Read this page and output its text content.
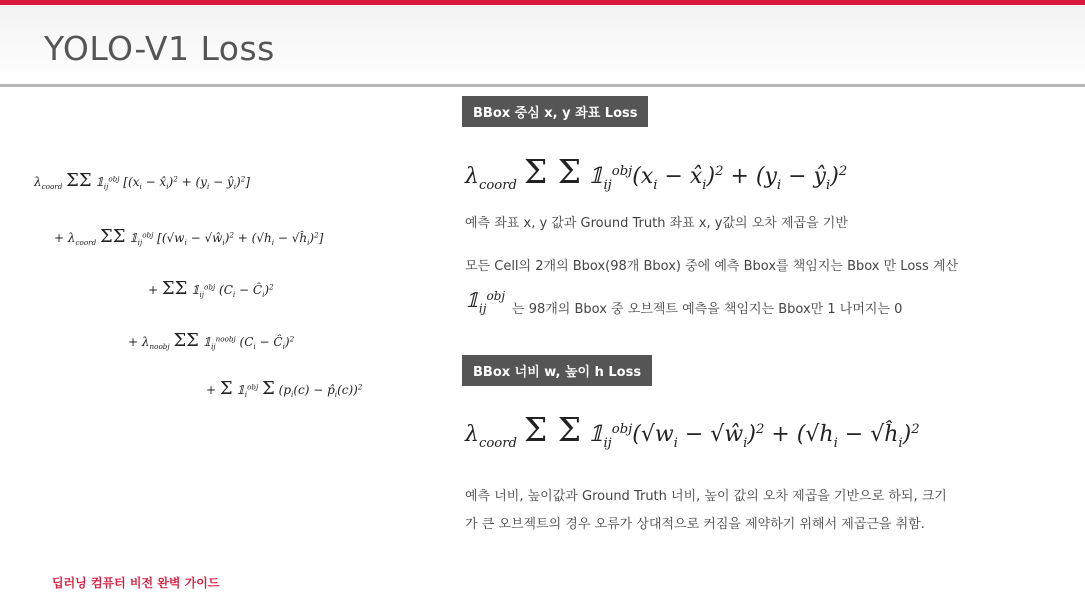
YOLO-V1 Loss
$\lambda_{coord}$ ΣΣ $𝟙_{ij}^{obj}$ [($x_i$ − $x̂_i)^2 + (y_i$ − $ŷ_i)^2$]
+ $\lambda_{coord}$ ΣΣ $𝟙_{ij}^{obj}$ [($√w_i$ − $√ŵ_i)^2 + (√h_i$ − $√ĥ_i)^2$]
+ ΣΣ $𝟙_{ij}^{obj}$ ($C_i$ − $Ĉ_i)^2$
+ $\lambda_{noobj}$ ΣΣ $𝟙_{ij}^{noobj}$ ($C_i$ − $Ĉ_i)^2$
+ Σ $𝟙_i^{obj}$ Σ ($p_i(c)$ − $p̂_i(c))^2$
BBox 중심 x, y 좌표 Loss
$\lambda_{coord}$ Σ Σ $𝟙_{ij}^{obj}(x_i$ − $x̂_i)^2 + (y_i$ − $ŷ_i)^2$
예측 좌표 x, y 값과 Ground Truth 좌표 x, y값의 오차 제곱을 기반
모든 Cell의 2개의 Bbox(98개 Bbox) 중에 예측 Bbox를 책임지는 Bbox 만 Loss 계산
$𝟙_{ij}^{obj}$
는 98개의 Bbox 중 오브젝트 예측을 책임지는 Bbox만 1 나머지는 0
BBox 너비 w, 높이 h Loss
$\lambda_{coord}$ Σ Σ $𝟙_{ij}^{obj}(√w_i$ − $√ŵ_i)^2 + (√h_i$ − $√ĥ_i)^2$
예측 너비, 높이값과 Ground Truth 너비, 높이 값의 오차 제곱을 기반으로 하되, 크기
가 큰 오브젝트의 경우 오류가 상대적으로 커짐을 제약하기 위해서 제곱근을 취함.
딥러닝 컴퓨터 비전 완벽 가이드
